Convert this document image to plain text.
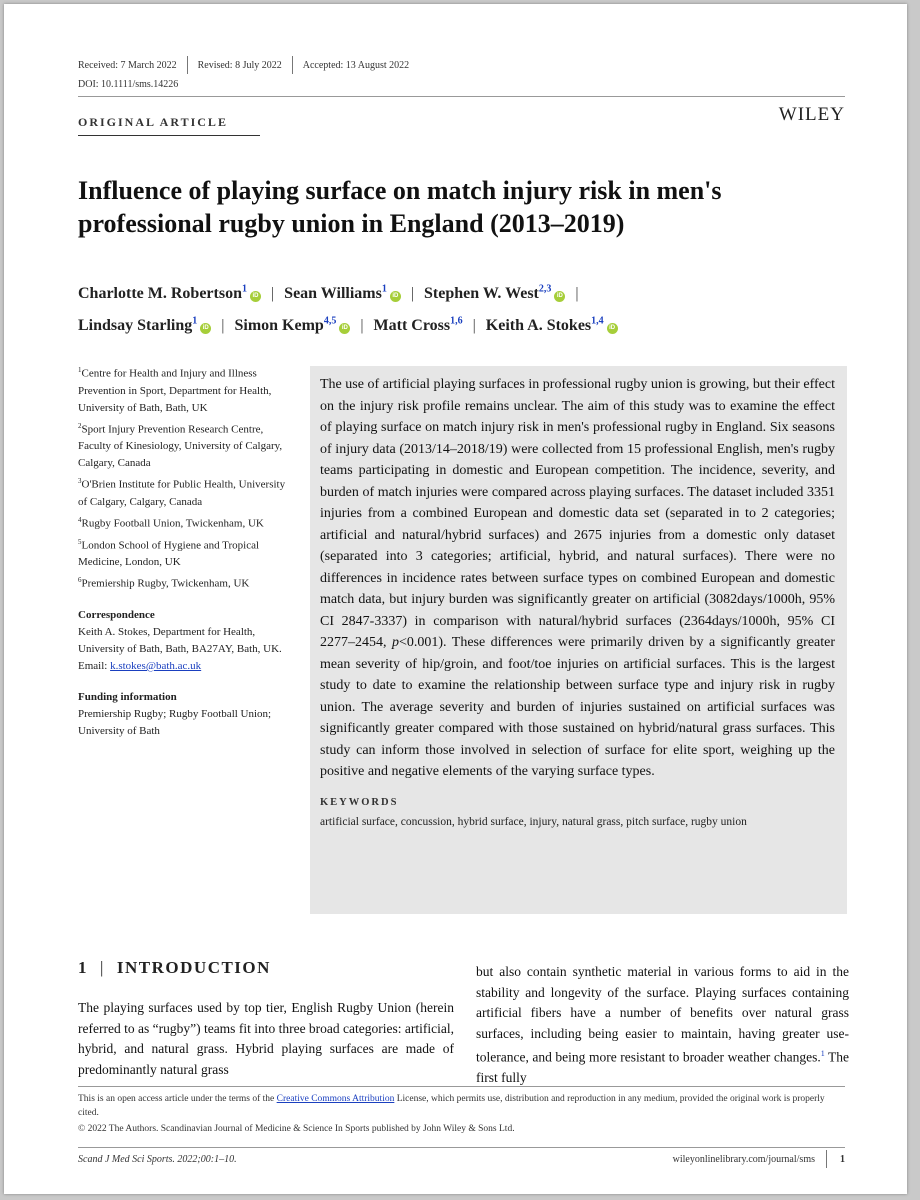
Received: 7 March 2022 Revised: 8 July 2022 Accepted: 13 August 2022
DOI: 10.1111/sms.14226
ORIGINAL ARTICLE	WILEY
Influence of playing surface on match injury risk in men's professional rugby union in England (2013–2019)
Charlotte M. Robertson$^1$iD | Sean Williams$^1$iD | Stephen W. West$^{2,3}$iD |
Lindsay Starling$^1$iD | Simon Kemp$^{4,5}$iD | Matt Cross$^{1,6}$ | Keith A. Stokes$^{1,4}$iD

$^1$Centre for Health and Injury and Illness Prevention in Sport, Department for Health, University of Bath, Bath, UK

$^2$Sport Injury Prevention Research Centre, Faculty of Kinesiology, University of Calgary, Calgary, Canada

$^3$O'Brien Institute for Public Health, University of Calgary, Calgary, Canada

$^4$Rugby Football Union, Twickenham, UK

$^5$London School of Hygiene and Tropical Medicine, London, UK

$^6$Premiership Rugby, Twickenham, UK

Correspondence
Keith A. Stokes, Department for Health, University of Bath, Bath, BA27AY, Bath, UK.
Email: k.stokes@bath.ac.uk
Funding information
Premiership Rugby; Rugby Football Union; University of Bath

The use of artificial playing surfaces in professional rugby union is growing, but their effect on the injury risk profile remains unclear. The aim of this study was to examine the effect of playing surface on match injury risk in men's professional rugby in England. Six seasons of injury data (2013/14–2018/19) were collected from 15 professional English, men's rugby teams participating in domestic and European competition. The incidence, severity, and burden of match injuries were compared across playing surfaces. The dataset included 3351 injuries from a combined European and domestic data set (separated in to 2 categories; artificial and natural/hybrid surfaces) and 2675 injuries from a domestic only dataset (separated into 3 categories; artificial, hybrid, and natural surfaces). There were no differences in incidence rates between surface types on combined European and domestic match data, but injury burden was significantly greater on artificial (3082days/1000h, 95% CI 2847-3337) in comparison with natural/hybrid surfaces (2364days/1000h, 95% CI 2277–2454, p<0.001). These differences were primarily driven by a significantly greater mean severity of hip/groin, and foot/toe injuries on artificial surfaces. This is the largest study to date to examine the relationship between surface type and injury risk in rugby union. The average severity and burden of injuries sustained on artificial surfaces was significantly greater compared with those sustained on hybrid/natural grass surfaces. This study can inform those involved in selection of surface for elite sport, weighing up the positive and negative elements of the varying surface types.

KEYWORDS
artificial surface, concussion, hybrid surface, injury, natural grass, pitch surface, rugby union
1 | INTRODUCTION

The playing surfaces used by top tier, English Rugby Union (herein referred to as “rugby”) teams fit into three broad categories: artificial, hybrid, and natural grass. Hybrid playing surfaces are made of predominantly natural grass

but also contain synthetic material in various forms to aid in the stability and longevity of the surface. Playing surfaces containing artificial fibers have a number of benefits over natural grass surfaces, including being easier to maintain, having greater use-tolerance, and being more resistant to broader weather changes.$^1$ The first fully

This is an open access article under the terms of the Creative Commons Attribution License, which permits use, distribution and reproduction in any medium, provided the original work is properly cited.

© 2022 The Authors. Scandinavian Journal of Medicine & Science In Sports published by John Wiley & Sons Ltd.

Scand J Med Sci Sports. 2022;00:1–10.	wileyonlinelibrary.com/journal/sms	1
